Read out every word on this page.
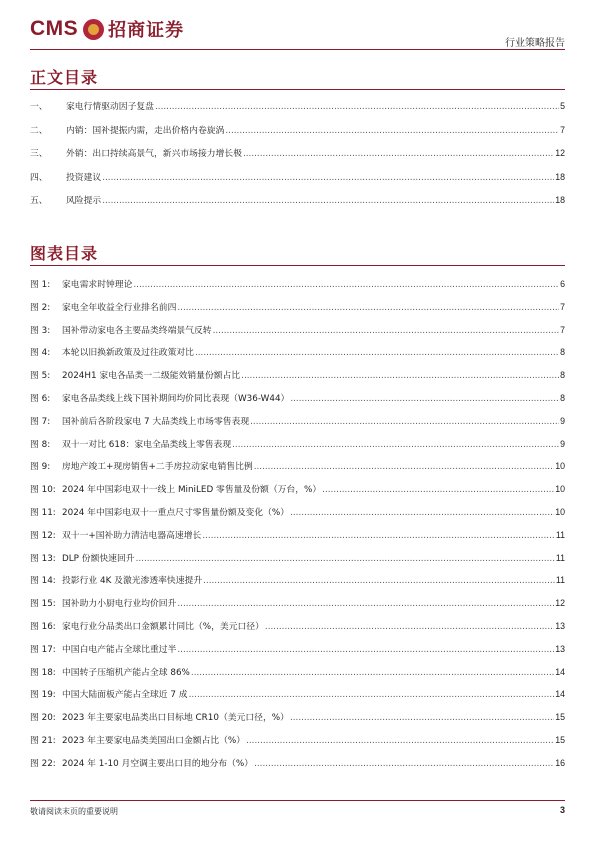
CMS 招商证券
行业策略报告
正文目录
一、	家电行情驱动因子复盘 .....	5
二、	内销：国补提振内需，走出价格内卷旋涡 .....	7
三、	外销：出口持续高景气，新兴市场接力增长极 .....	12
四、	投资建议 .....	18
五、	风险提示 .....	18
图表目录
图 1:	家电需求时钟理论 .....	6
图 2:	家电全年收益全行业排名前四 .....	7
图 3:	国补带动家电各主要品类终端景气反转 .....	7
图 4:	本轮以旧换新政策及过往政策对比 .....	8
图 5:	2024H1 家电各品类一二级能效销量份额占比 .....	8
图 6:	家电各品类线上线下国补期间均价同比表现（W36-W44） .....	8
图 7:	国补前后各阶段家电 7 大品类线上市场零售表现 .....	9
图 8:	双十一对比 618：家电全品类线上零售表现 .....	9
图 9:	房地产竣工+现房销售+二手房拉动家电销售比例 .....	10
图 10: 2024 年中国彩电双十一线上 MiniLED 零售量及份额（万台，%） .....	10
图 11: 2024 年中国彩电双十一重点尺寸零售量份额及变化（%） .....	10
图 12: 双十一+国补助力清洁电器高速增长 .....	11
图 13: DLP 份额快速回升 .....	11
图 14: 投影行业 4K 及激光渗透率快速提升 .....	11
图 15: 国补助力小厨电行业均价回升 .....	12
图 16: 家电行业分品类出口金额累计同比（%，美元口径） .....	13
图 17: 中国白电产能占全球比重过半 .....	13
图 18: 中国转子压缩机产能占全球 86% .....	14
图 19: 中国大陆面板产能占全球近 7 成 .....	14
图 20: 2023 年主要家电品类出口目标地 CR10（美元口径，%） .....	15
图 21: 2023 年主要家电品类美国出口金额占比（%） .....	15
图 22: 2024 年 1-10 月空调主要出口目的地分布（%） .....	16
敬请阅读末页的重要说明	3
